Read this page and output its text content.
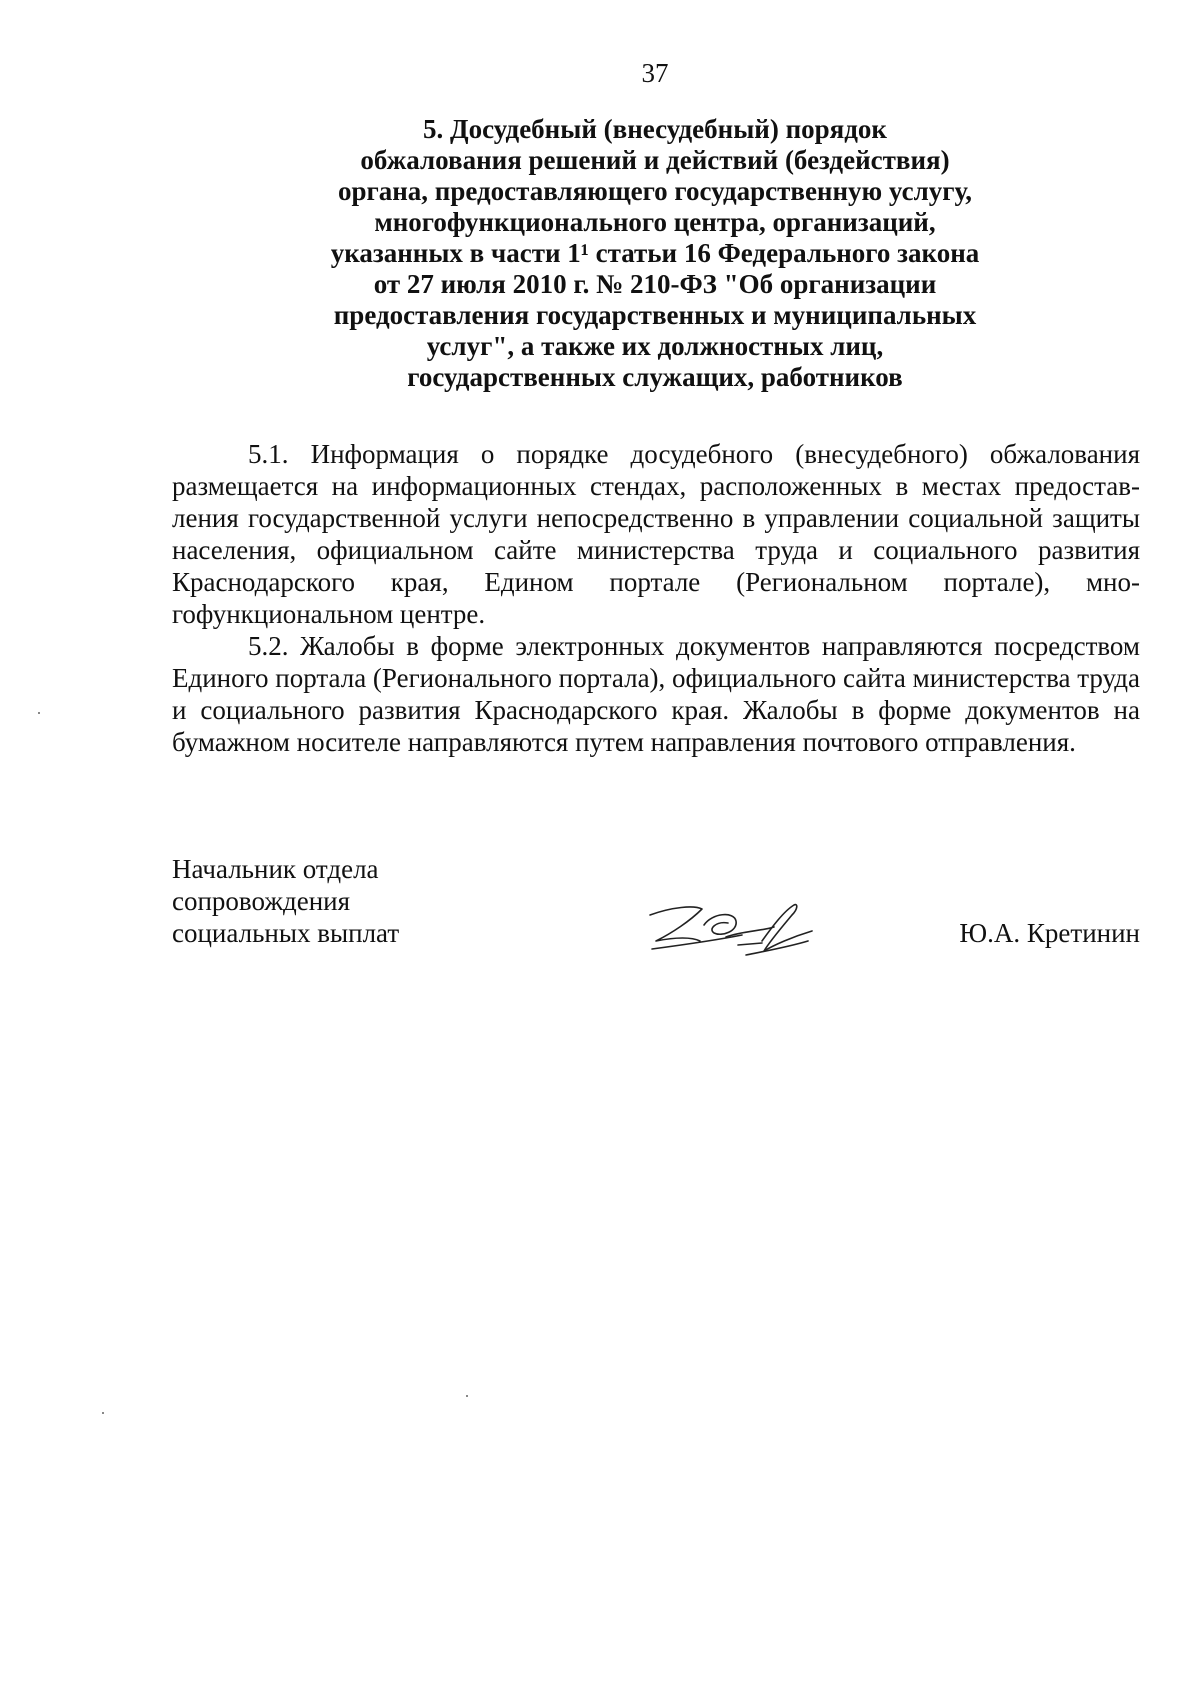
37
5. Досудебный (внесудебный) порядок
обжалования решений и действий (бездействия)
органа, предоставляющего государственную услугу,
многофункционального центра, организаций,
указанных в части 1¹ статьи 16 Федерального закона
от 27 июля 2010 г. № 210-ФЗ "Об организации
предоставления государственных и муниципальных
услуг", а также их должностных лиц,
государственных служащих, работников

5.1. Информация о порядке досудебного (внесудебного) обжалования размещается на информационных стендах, расположенных в местах предоставления государственной услуги непосредственно в управлении социальной защиты населения, официальном сайте министерства труда и социального развития Краснодарского края, Едином портале (Региональном портале), многофункциональном центре.

5.2. Жалобы в форме электронных документов направляются посредством Единого портала (Регионального портала), официального сайта министерства труда и социального развития Краснодарского края. Жалобы в форме документов на бумажном носителе направляются путем направления почтового отправления.

Начальник отдела
сопровождения
социальных выплат	Ю.А. Кретинин
